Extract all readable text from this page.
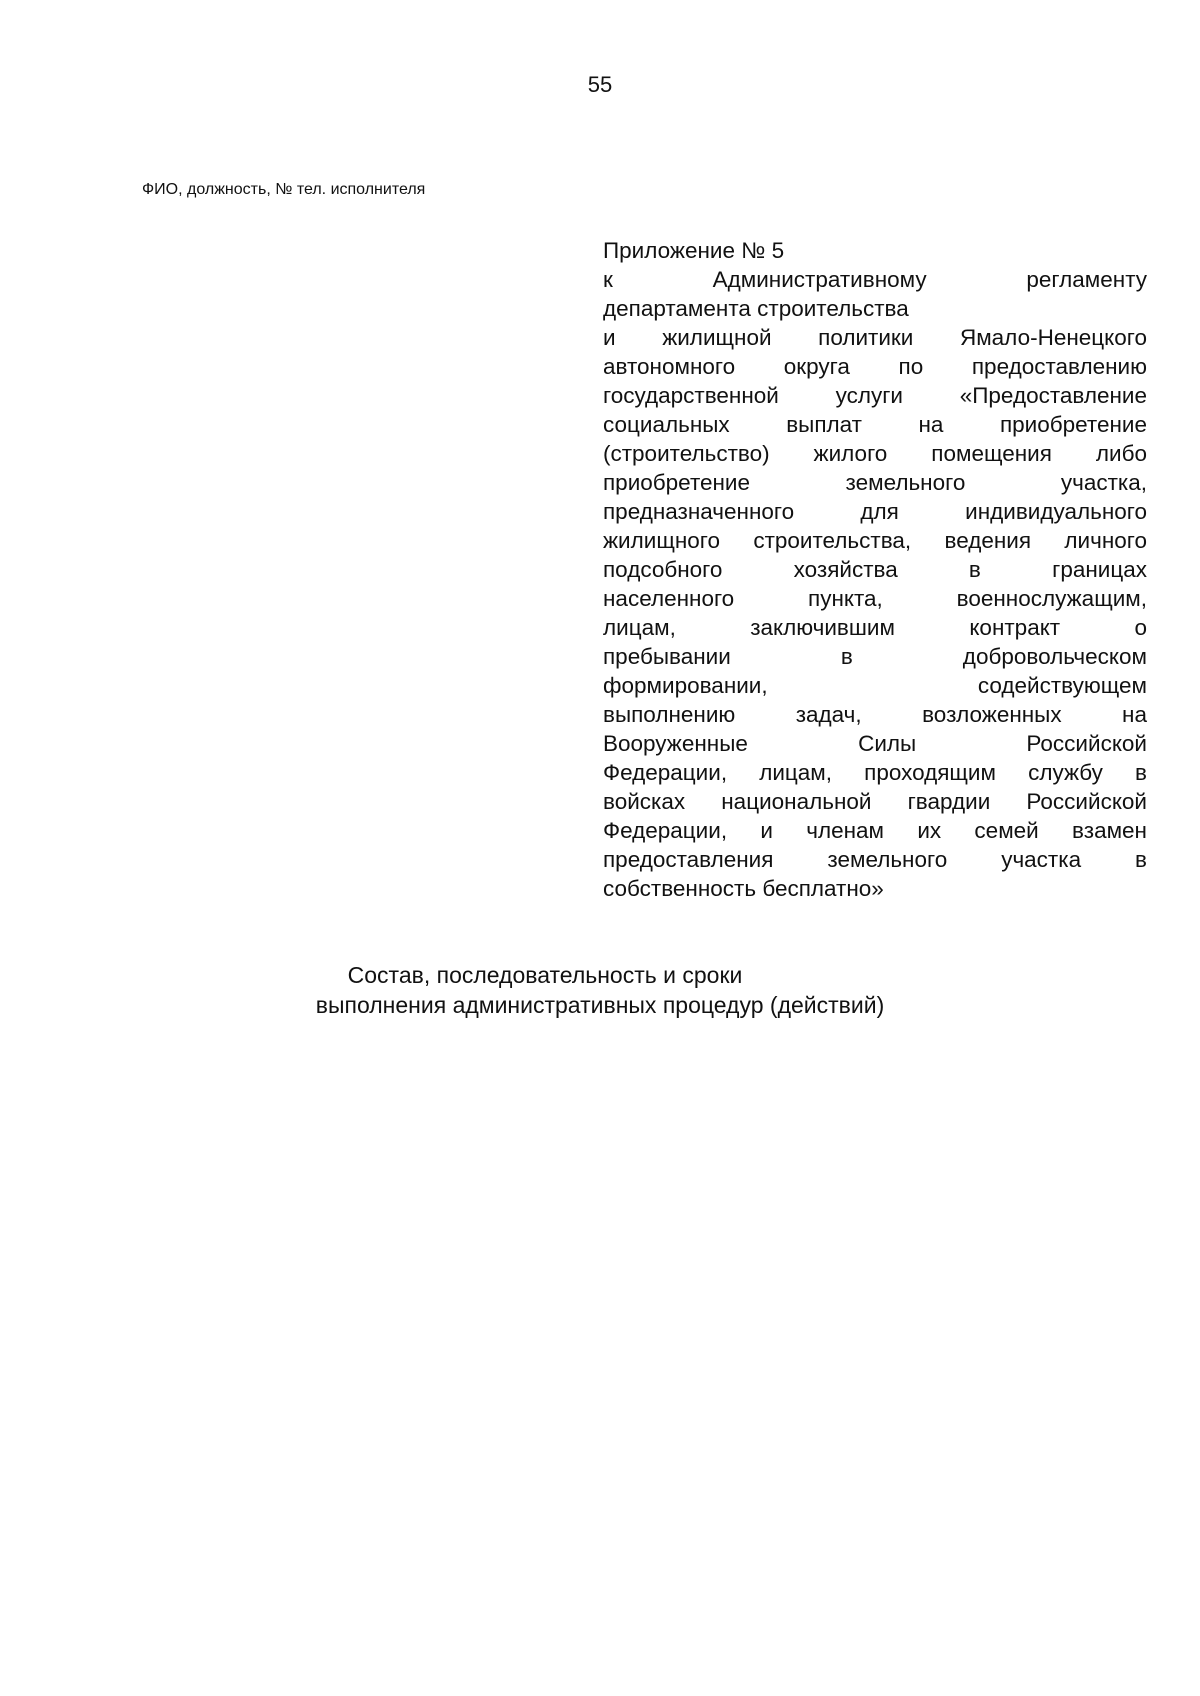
55
ФИО, должность, № тел. исполнителя
Приложение № 5
к Административному регламенту
департамента строительства
и жилищной политики Ямало-Ненецкого
автономного округа по предоставлению
государственной услуги «Предоставление
социальных выплат на приобретение
(строительство) жилого помещения либо
приобретение земельного участка,
предназначенного для индивидуального
жилищного строительства, ведения личного
подсобного хозяйства в границах
населенного пункта, военнослужащим,
лицам, заключившим контракт о
пребывании в добровольческом
формировании, содействующем
выполнению задач, возложенных на
Вооруженные Силы Российской
Федерации, лицам, проходящим службу в
войсках национальной гвардии Российской
Федерации, и членам их семей взамен
предоставления земельного участка в
собственность бесплатно»
Состав, последовательность и сроки
выполнения административных процедур (действий)
